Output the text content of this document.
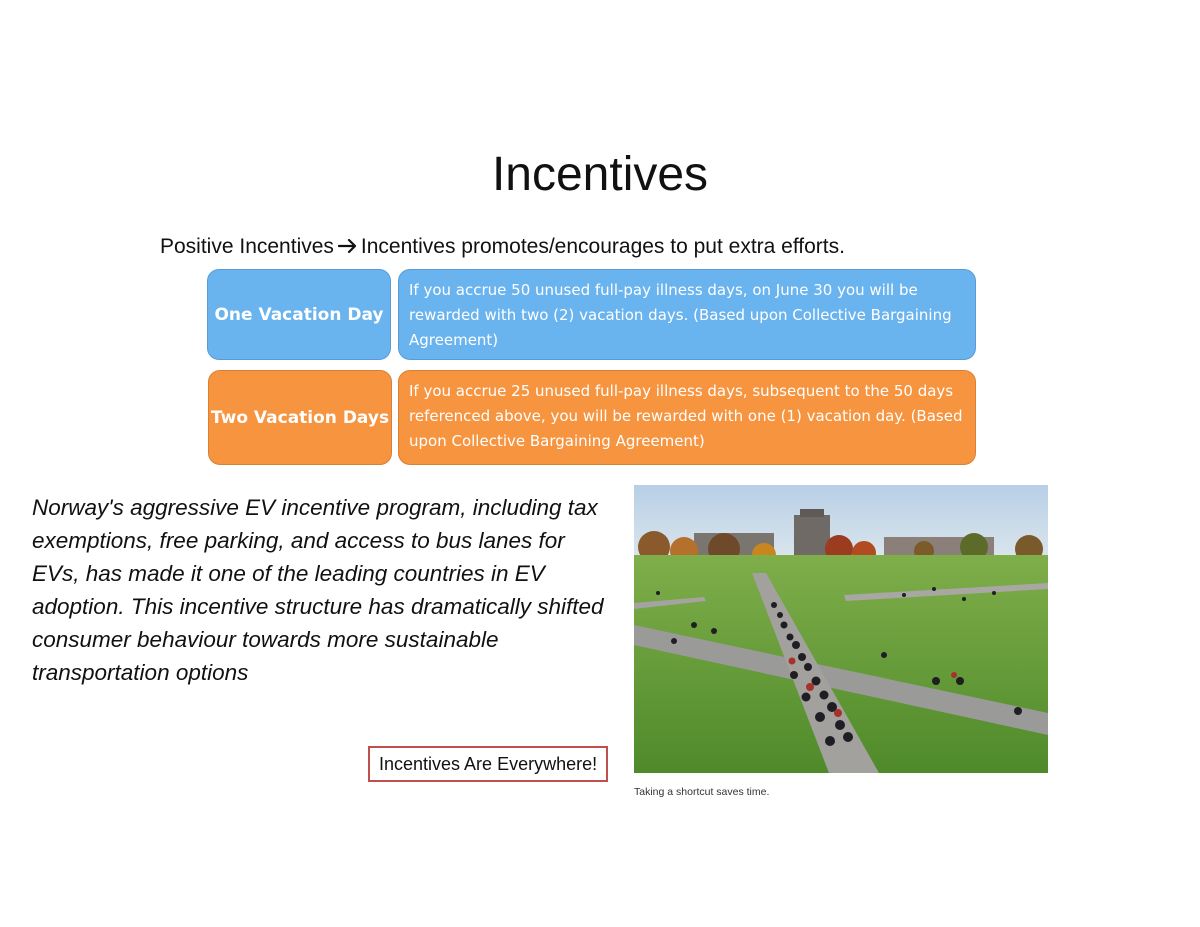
Incentives
Positive Incentives Incentives promotes/encourages to put extra efforts.
One Vacation Day
If you accrue 50 unused full-pay illness days, on June 30 you will be rewarded with two (2) vacation days. (Based upon Collective Bargaining Agreement)
Two Vacation Days
If you accrue 25 unused full-pay illness days, subsequent to the 50 days referenced above, you will be rewarded with one (1) vacation day. (Based upon Collective Bargaining Agreement)
Norway's aggressive EV incentive program, including tax exemptions, free parking, and access to bus lanes for EVs, has made it one of the leading countries in EV adoption. This incentive structure has dramatically shifted consumer behaviour towards more sustainable transportation options
Taking a shortcut saves time.
Incentives Are Everywhere!
